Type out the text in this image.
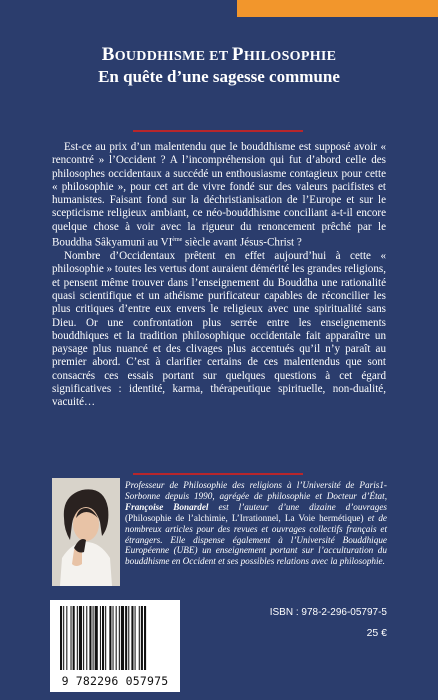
BOUDDHISME ET PHILOSOPHIE
En quête d’une sagesse commune

Est-ce au prix d’un malentendu que le bouddhisme est supposé avoir « rencontré » l’Occident ? A l’incompréhension qui fut d’abord celle des philosophes occidentaux a succédé un enthousiasme contagieux pour cette « philosophie », pour cet art de vivre fondé sur des valeurs pacifistes et humanistes. Faisant fond sur la déchristianisation de l’Europe et sur le scepticisme religieux ambiant, ce néo-bouddhisme conciliant a-t-il encore quelque chose à voir avec la rigueur du renoncement prêché par le Bouddha Sâkyamuni au VIème siècle avant Jésus-Christ ?

Nombre d’Occidentaux prêtent en effet aujourd’hui à cette « philosophie » toutes les vertus dont auraient démérité les grandes religions, et pensent même trouver dans l’enseignement du Bouddha une rationalité quasi scientifique et un athéisme purificateur capables de réconcilier les plus critiques d’entre eux envers le religieux avec une spiritualité sans Dieu. Or une confrontation plus serrée entre les enseignements bouddhiques et la tradition philosophique occidentale fait apparaître un paysage plus nuancé et des clivages plus accentués qu’il n’y paraît au premier abord. C’est à clarifier certains de ces malentendus que sont consacrés ces essais portant sur quelques questions à cet égard significatives : identité, karma, thérapeutique spirituelle, non-dualité, vacuité…

Professeur de Philosophie des religions à l’Université de Paris1-Sorbonne depuis 1990, agrégée de philosophie et Docteur d’État, Françoise Bonardel est l’auteur d’une dizaine d’ouvrages (Philosophie de l’alchimie, L’Irrationnel, La Voie hermétique) et de nombreux articles pour des revues et ouvrages collectifs français et étrangers. Elle dispense également à l’Université Bouddhique Européenne (UBE) un enseignement portant sur l’acculturation du bouddhisme en Occident et ses possibles relations avec la philosophie.
9 782296 057975
ISBN : 978-2-296-05797-5
25 €
